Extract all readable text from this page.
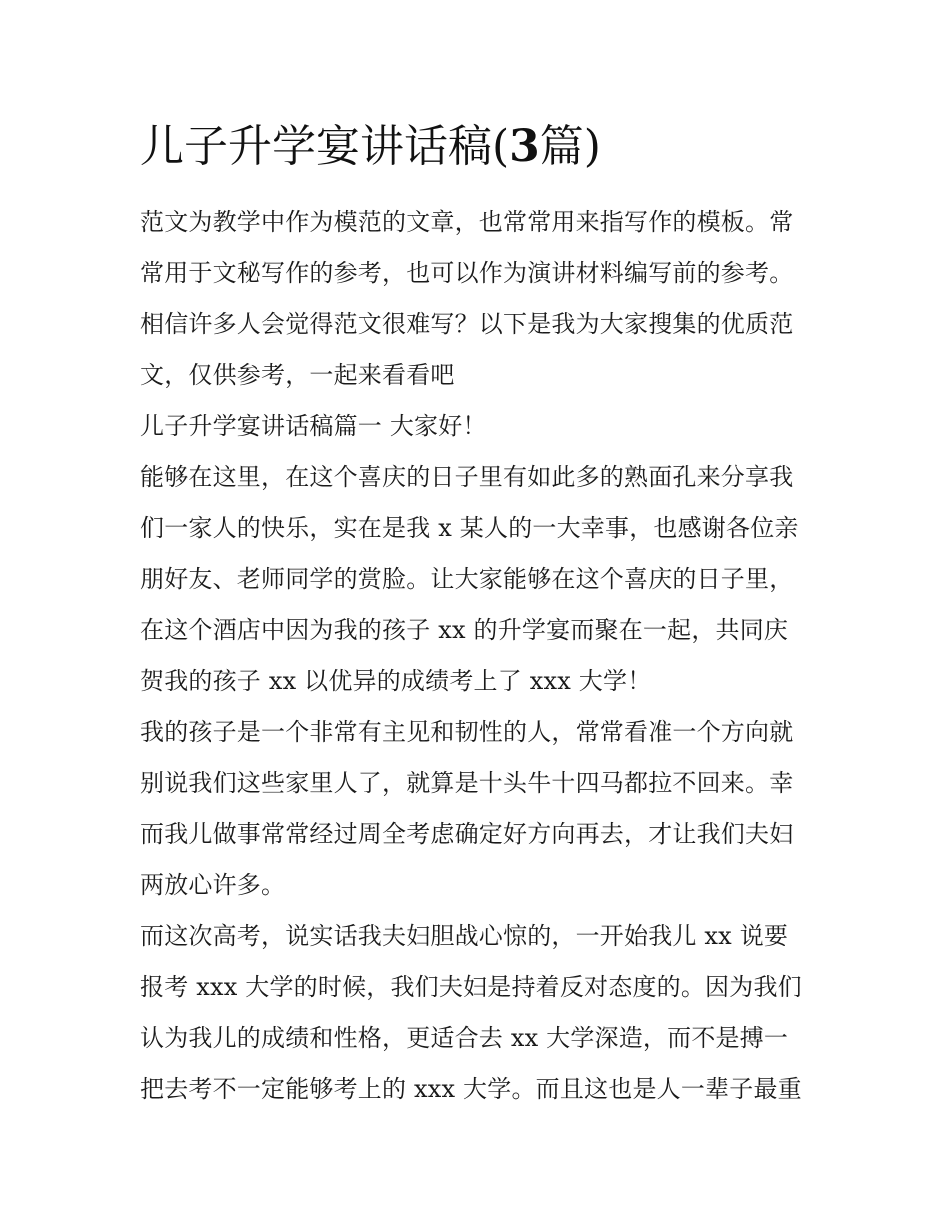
儿子升学宴讲话稿(3篇)

范文为教学中作为模范的文章，也常常用来指写作的模板。常

常用于文秘写作的参考，也可以作为演讲材料编写前的参考。

相信许多人会觉得范文很难写？以下是我为大家搜集的优质范

文，仅供参考，一起来看看吧

儿子升学宴讲话稿篇一 大家好！

能够在这里，在这个喜庆的日子里有如此多的熟面孔来分享我

们一家人的快乐，实在是我 x 某人的一大幸事，也感谢各位亲

朋好友、老师同学的赏脸。让大家能够在这个喜庆的日子里，

在这个酒店中因为我的孩子 xx 的升学宴而聚在一起，共同庆

贺我的孩子 xx 以优异的成绩考上了 xxx 大学！

我的孩子是一个非常有主见和韧性的人，常常看准一个方向就

别说我们这些家里人了，就算是十头牛十四马都拉不回来。幸

而我儿做事常常经过周全考虑确定好方向再去，才让我们夫妇

两放心许多。

而这次高考，说实话我夫妇胆战心惊的，一开始我儿 xx 说要

报考 xxx 大学的时候，我们夫妇是持着反对态度的。因为我们

认为我儿的成绩和性格，更适合去 xx 大学深造，而不是搏一

把去考不一定能够考上的 xxx 大学。而且这也是人一辈子最重
